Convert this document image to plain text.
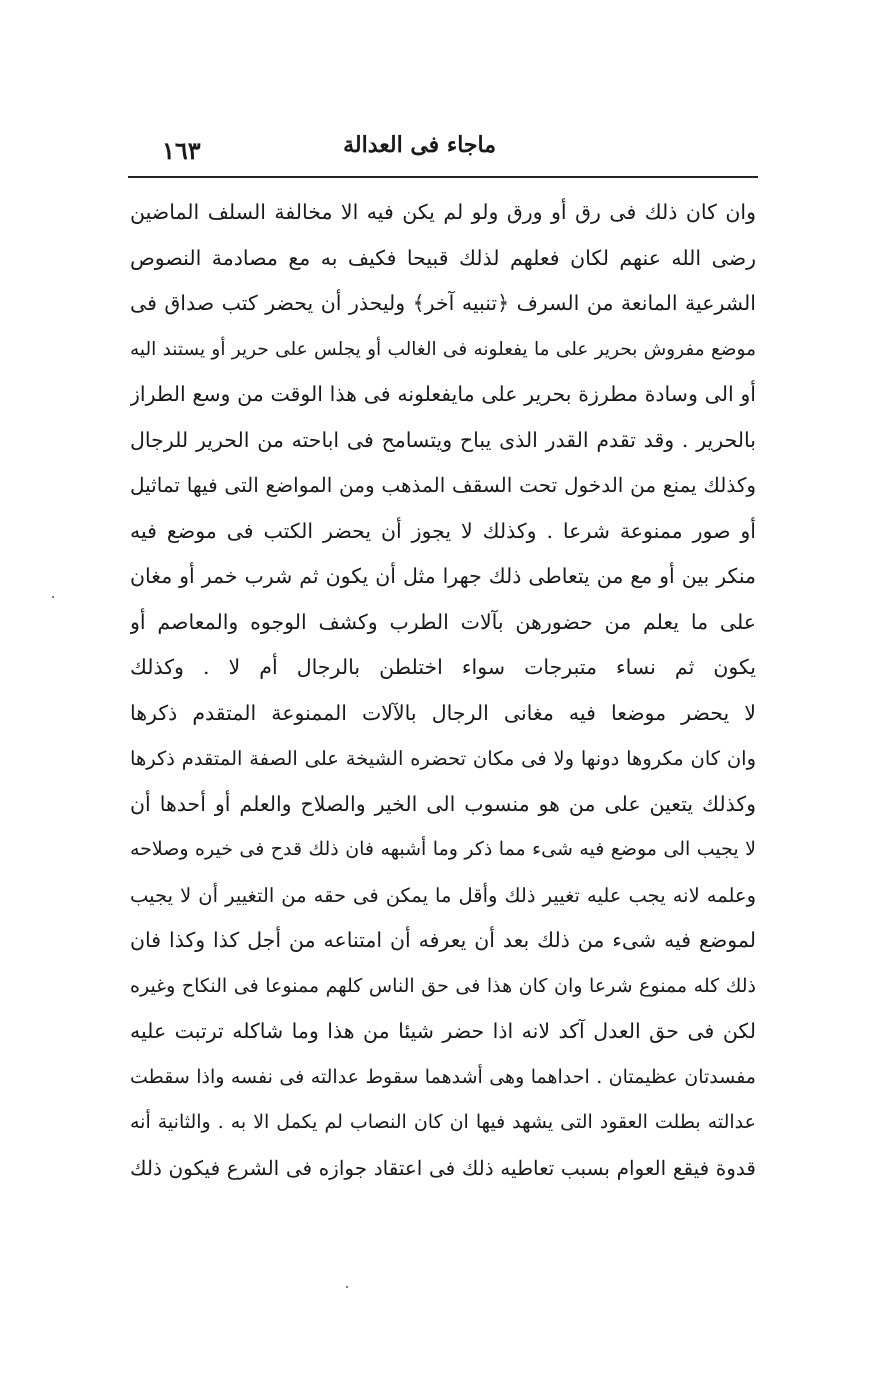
ماجاء فى العدالة
١٦٣
وان كان ذلك فى رق أو ورق ولو لم يكن فيه الا مخالفة السلف الماضين
رضى الله عنهم لكان فعلهم لذلك قبيحا فكيف به مع مصادمة النصوص
الشرعية المانعة من السرف ﴿تنبيه آخر﴾ وليحذر أن يحضر كتب صداق فى
موضع مفروش بحرير على ما يفعلونه فى الغالب أو يجلس على حرير أو يستند اليه
أو الى وسادة مطرزة بحرير على مايفعلونه فى هذا الوقت من وسع الطراز
بالحرير . وقد تقدم القدر الذى يباح ويتسامح فى اباحته من الحرير للرجال
وكذلك يمنع من الدخول تحت السقف المذهب ومن المواضع التى فيها تماثيل
أو صور ممنوعة شرعا . وكذلك لا يجوز أن يحضر الكتب فى موضع فيه
منكر بين أو مع من يتعاطى ذلك جهرا مثل أن يكون ثم شرب خمر أو مغان
على ما يعلم من حضورهن بآلات الطرب وكشف الوجوه والمعاصم أو
يكون ثم نساء متبرجات سواء اختلطن بالرجال أم لا . وكذلك
لا يحضر موضعا فيه مغانى الرجال بالآلات الممنوعة المتقدم ذكرها
وان كان مكروها دونها ولا فى مكان تحضره الشيخة على الصفة المتقدم ذكرها
وكذلك يتعين على من هو منسوب الى الخير والصلاح والعلم أو أحدها أن
لا يجيب الى موضع فيه شىء مما ذكر وما أشبهه فان ذلك قدح فى خيره وصلاحه
وعلمه لانه يجب عليه تغيير ذلك وأقل ما يمكن فى حقه من التغيير أن لا يجيب
لموضع فيه شىء من ذلك بعد أن يعرفه أن امتناعه من أجل كذا وكذا فان
ذلك كله ممنوع شرعا وان كان هذا فى حق الناس كلهم ممنوعا فى النكاح وغيره
لكن فى حق العدل آكد لانه اذا حضر شيئا من هذا وما شاكله ترتبت عليه
مفسدتان عظيمتان . احداهما وهى أشدهما سقوط عدالته فى نفسه واذا سقطت
عدالته بطلت العقود التى يشهد فيها ان كان النصاب لم يكمل الا به . والثانية أنه
قدوة فيقع العوام بسبب تعاطيه ذلك فى اعتقاد جوازه فى الشرع فيكون ذلك
